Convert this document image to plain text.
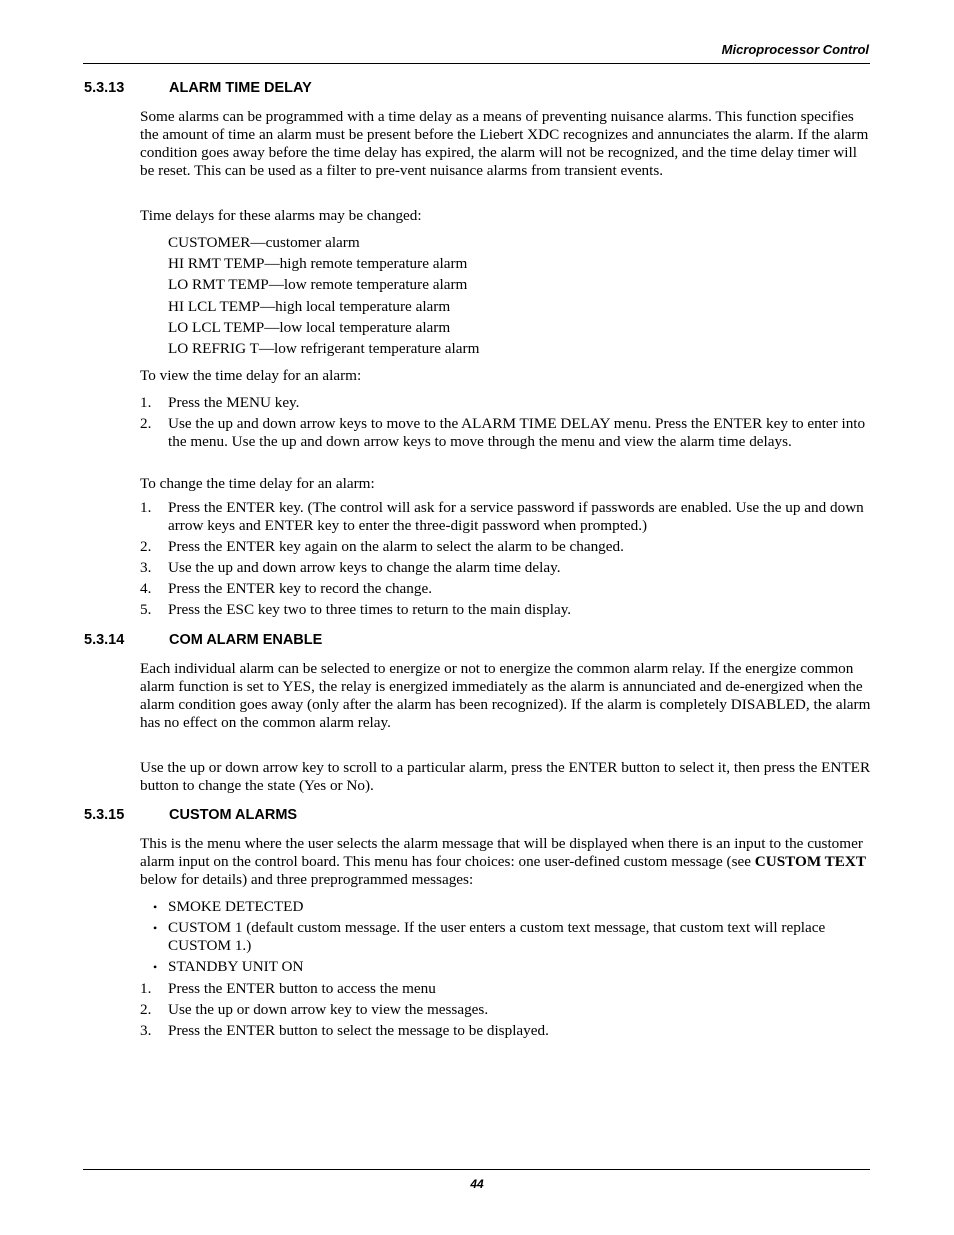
Microprocessor Control
5.3.13	ALARM TIME DELAY
Some alarms can be programmed with a time delay as a means of preventing nuisance alarms. This function specifies the amount of time an alarm must be present before the Liebert XDC recognizes and annunciates the alarm. If the alarm condition goes away before the time delay has expired, the alarm will not be recognized, and the time delay timer will be reset. This can be used as a filter to pre-vent nuisance alarms from transient events.
Time delays for these alarms may be changed:
CUSTOMER—customer alarm
HI RMT TEMP—high remote temperature alarm
LO RMT TEMP—low remote temperature alarm
HI LCL TEMP—high local temperature alarm
LO LCL TEMP—low local temperature alarm
LO REFRIG T—low refrigerant temperature alarm
To view the time delay for an alarm:
1. Press the MENU key.
2. Use the up and down arrow keys to move to the ALARM TIME DELAY menu. Press the ENTER key to enter into the menu. Use the up and down arrow keys to move through the menu and view the alarm time delays.
To change the time delay for an alarm:
1. Press the ENTER key. (The control will ask for a service password if passwords are enabled. Use the up and down arrow keys and ENTER key to enter the three-digit password when prompted.)
2. Press the ENTER key again on the alarm to select the alarm to be changed.
3. Use the up and down arrow keys to change the alarm time delay.
4. Press the ENTER key to record the change.
5. Press the ESC key two to three times to return to the main display.
5.3.14	COM ALARM ENABLE
Each individual alarm can be selected to energize or not to energize the common alarm relay. If the energize common alarm function is set to YES, the relay is energized immediately as the alarm is annunciated and de-energized when the alarm condition goes away (only after the alarm has been recognized). If the alarm is completely DISABLED, the alarm has no effect on the common alarm relay.
Use the up or down arrow key to scroll to a particular alarm, press the ENTER button to select it, then press the ENTER button to change the state (Yes or No).
5.3.15	CUSTOM ALARMS
This is the menu where the user selects the alarm message that will be displayed when there is an input to the customer alarm input on the control board. This menu has four choices: one user-defined custom message (see CUSTOM TEXT below for details) and three preprogrammed messages:
• SMOKE DETECTED
• CUSTOM 1 (default custom message. If the user enters a custom text message, that custom text will replace CUSTOM 1.)
• STANDBY UNIT ON
1. Press the ENTER button to access the menu
2. Use the up or down arrow key to view the messages.
3. Press the ENTER button to select the message to be displayed.
44
